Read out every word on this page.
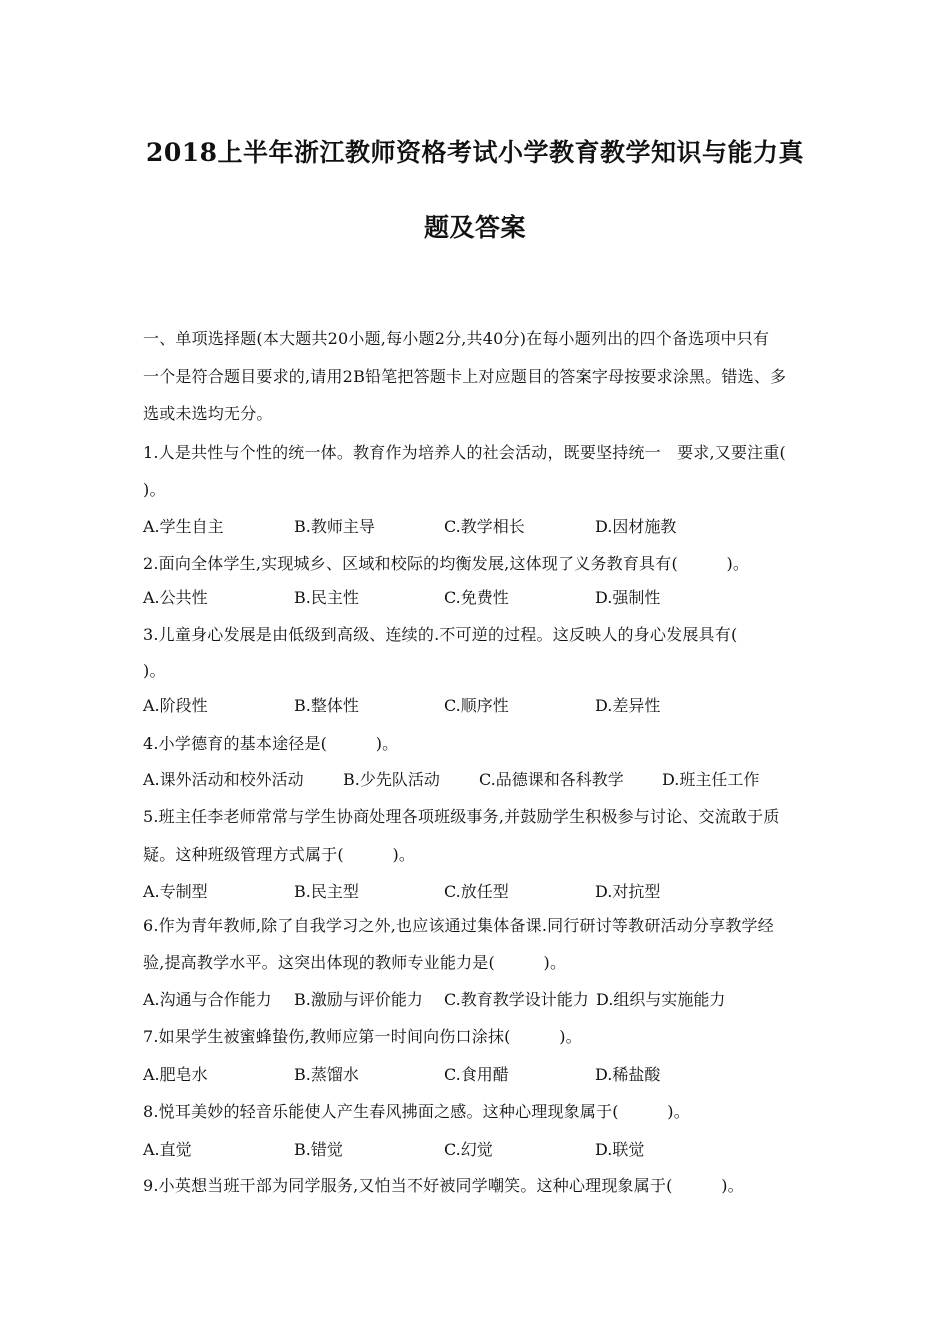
2018上半年浙江教师资格考试小学教育教学知识与能力真
题及答案
一、单项选择题(本大题共20小题,每小题2分,共40分)在每小题列出的四个备选项中只有
一个是符合题目要求的,请用2B铅笔把答题卡上对应题目的答案字母按要求涂黑。错选、多
选或未选均无分。
1.人是共性与个性的统一体。教育作为培养人的社会活动，既要坚持统一　要求,又要注重(
)。
A.学生自主	B.教师主导	C.教学相长	D.因材施教
2.面向全体学生,实现城乡、区域和校际的均衡发展,这体现了义务教育具有(　　　)。
A.公共性	B.民主性	C.免费性	D.强制性
3.儿童身心发展是由低级到高级、连续的.不可逆的过程。这反映人的身心发展具有(
)。
A.阶段性	B.整体性	C.顺序性	D.差异性
4.小学德育的基本途径是(　　　)。
A.课外活动和校外活动 B.少先队活动 C.品德课和各科教学 D.班主任工作
5.班主任李老师常常与学生协商处理各项班级事务,并鼓励学生积极参与讨论、交流敢于质
疑。这种班级管理方式属于(　　　)。
A.专制型	B.民主型	C.放任型	D.对抗型
6.作为青年教师,除了自我学习之外,也应该通过集体备课.同行研讨等教研活动分享教学经
验,提高教学水平。这突出体现的教师专业能力是(　　　)。
A.沟通与合作能力 B.激励与评价能力 C.教育教学设计能力 D.组织与实施能力
7.如果学生被蜜蜂蛰伤,教师应第一时间向伤口涂抹(　　　)。
A.肥皂水	B.蒸馏水	C.食用醋	D.稀盐酸
8.悦耳美妙的轻音乐能使人产生春风拂面之感。这种心理现象属于(　　　)。
A.直觉	B.错觉	C.幻觉	D.联觉
9.小英想当班干部为同学服务,又怕当不好被同学嘲笑。这种心理现象属于(　　　)。
